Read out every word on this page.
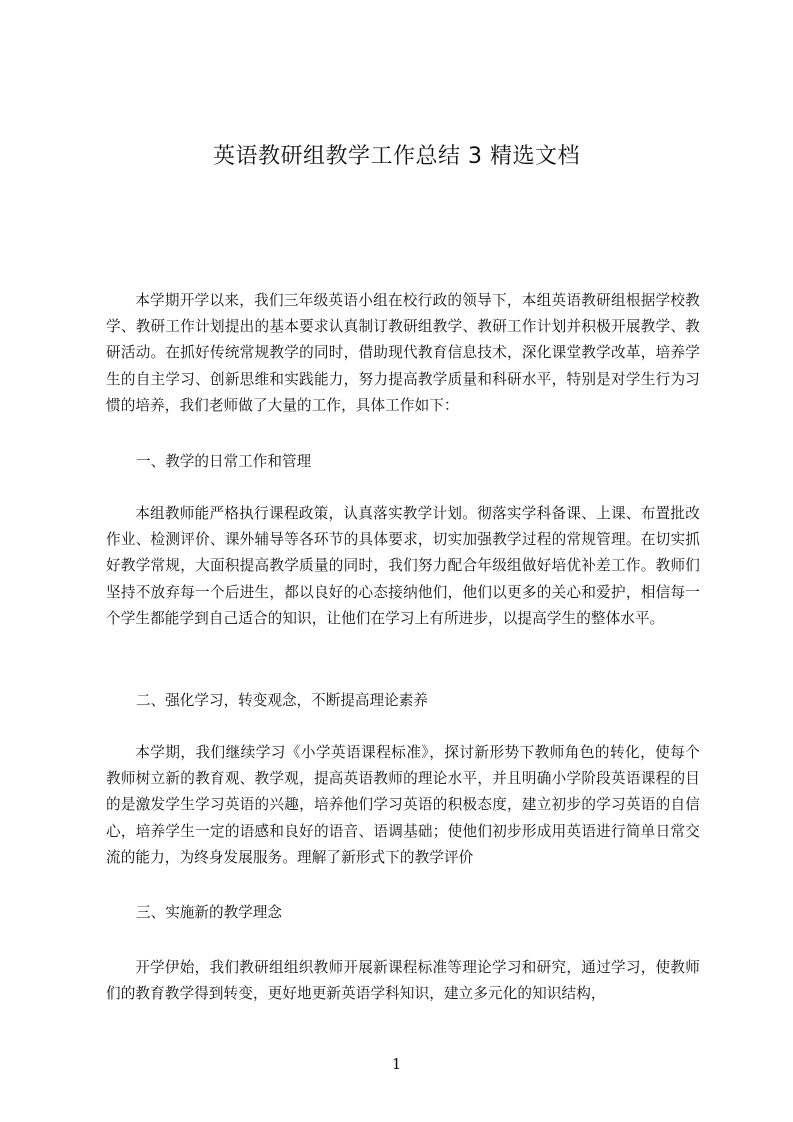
英语教研组教学工作总结 3 精选文档

本学期开学以来，我们三年级英语小组在校行政的领导下，本组英语教研组根据学校教学、教研工作计划提出的基本要求认真制订教研组教学、教研工作计划并积极开展教学、教研活动。在抓好传统常规教学的同时，借助现代教育信息技术，深化课堂教学改革，培养学生的自主学习、创新思维和实践能力，努力提高教学质量和科研水平，特别是对学生行为习惯的培养，我们老师做了大量的工作，具体工作如下：

一、教学的日常工作和管理

本组教师能严格执行课程政策，认真落实教学计划。彻落实学科备课、上课、布置批改作业、检测评价、课外辅导等各环节的具体要求，切实加强教学过程的常规管理。在切实抓好教学常规，大面积提高教学质量的同时，我们努力配合年级组做好培优补差工作。教师们坚持不放弃每一个后进生，都以良好的心态接纳他们，他们以更多的关心和爱护，相信每一个学生都能学到自己适合的知识，让他们在学习上有所进步，以提高学生的整体水平。

二、强化学习，转变观念，不断提高理论素养

本学期，我们继续学习《小学英语课程标准》，探讨新形势下教师角色的转化，使每个教师树立新的教育观、教学观，提高英语教师的理论水平，并且明确小学阶段英语课程的目的是激发学生学习英语的兴趣，培养他们学习英语的积极态度，建立初步的学习英语的自信心，培养学生一定的语感和良好的语音、语调基础；使他们初步形成用英语进行简单日常交流的能力，为终身发展服务。理解了新形式下的教学评价

三、实施新的教学理念

开学伊始，我们教研组组织教师开展新课程标准等理论学习和研究，通过学习，使教师们的教育教学得到转变，更好地更新英语学科知识，建立多元化的知识结构，

1
